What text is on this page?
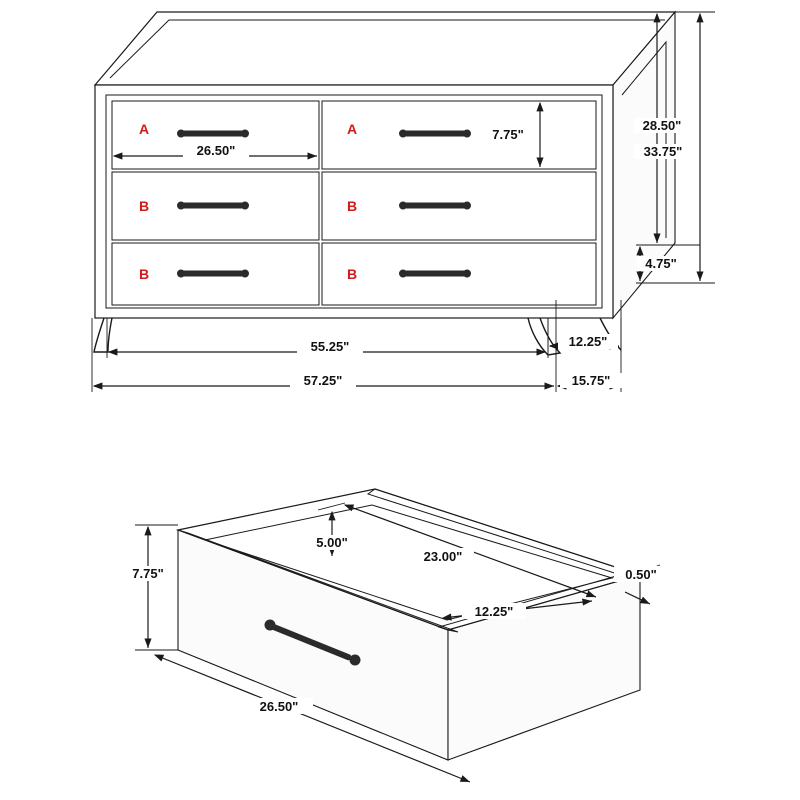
26.50"
7.75"
28.50"
33.75"
4.75"
55.25"
57.25"
12.25"
15.75"
A	A
B	B
B	B
5.00"
7.75"
23.00"
12.25"
0.50"
26.50"
